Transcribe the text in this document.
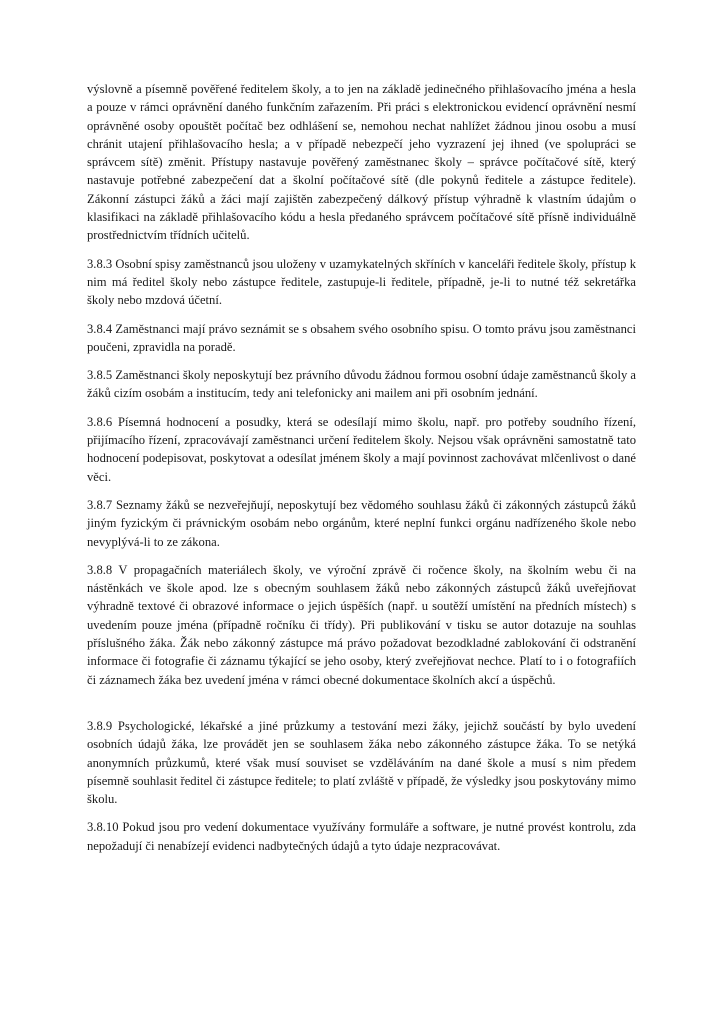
výslovně a písemně pověřené ředitelem školy, a to jen na základě jedinečného přihlašovacího jména a hesla a pouze v rámci oprávnění daného funkčním zařazením. Při práci s elektronickou evidencí oprávnění nesmí oprávněné osoby opouštět počítač bez odhlášení se, nemohou nechat nahlížet žádnou jinou osobu a musí chránit utajení přihlašovacího hesla; a v případě nebezpečí jeho vyzrazení jej ihned (ve spolupráci se správcem sítě) změnit. Přístupy nastavuje pověřený zaměstnanec školy – správce počítačové sítě, který nastavuje potřebné zabezpečení dat a školní počítačové sítě (dle pokynů ředitele a zástupce ředitele). Zákonní zástupci žáků a žáci mají zajištěn zabezpečený dálkový přístup výhradně k vlastním údajům o klasifikaci na základě přihlašovacího kódu a hesla předaného správcem počítačové sítě přísně individuálně prostřednictvím třídních učitelů.

3.8.3 Osobní spisy zaměstnanců jsou uloženy v uzamykatelných skříních v kanceláři ředitele školy, přístup k nim má ředitel školy nebo zástupce ředitele, zastupuje-li ředitele, případně, je-li to nutné též sekretářka školy nebo mzdová účetní.

3.8.4 Zaměstnanci mají právo seznámit se s obsahem svého osobního spisu. O tomto právu jsou zaměstnanci poučeni, zpravidla na poradě.

3.8.5 Zaměstnanci školy neposkytují bez právního důvodu žádnou formou osobní údaje zaměstnanců školy a žáků cizím osobám a institucím, tedy ani telefonicky ani mailem ani při osobním jednání.

3.8.6 Písemná hodnocení a posudky, která se odesílají mimo školu, např. pro potřeby soudního řízení, přijímacího řízení, zpracovávají zaměstnanci určení ředitelem školy. Nejsou však oprávněni samostatně tato hodnocení podepisovat, poskytovat a odesílat jménem školy a mají povinnost zachovávat mlčenlivost o dané věci.

3.8.7 Seznamy žáků se nezveřejňují, neposkytují bez vědomého souhlasu žáků či zákonných zástupců žáků jiným fyzickým či právnickým osobám nebo orgánům, které neplní funkci orgánu nadřízeného škole nebo nevyplývá-li to ze zákona.

3.8.8 V propagačních materiálech školy, ve výroční zprávě či ročence školy, na školním webu či na nástěnkách ve škole apod. lze s obecným souhlasem žáků nebo zákonných zástupců žáků uveřejňovat výhradně textové či obrazové informace o jejich úspěších (např. u soutěží umístění na předních místech) s uvedením pouze jména (případně ročníku či třídy). Při publikování v tisku se autor dotazuje na souhlas příslušného žáka. Žák nebo zákonný zástupce má právo požadovat bezodkladné zablokování či odstranění informace či fotografie či záznamu týkající se jeho osoby, který zveřejňovat nechce. Platí to i o fotografiích či záznamech žáka bez uvedení jména v rámci obecné dokumentace školních akcí a úspěchů.

3.8.9 Psychologické, lékařské a jiné průzkumy a testování mezi žáky, jejichž součástí by bylo uvedení osobních údajů žáka, lze provádět jen se souhlasem žáka nebo zákonného zástupce žáka. To se netýká anonymních průzkumů, které však musí souviset se vzděláváním na dané škole a musí s nim předem písemně souhlasit ředitel či zástupce ředitele; to platí zvláště v případě, že výsledky jsou poskytovány mimo školu.

3.8.10 Pokud jsou pro vedení dokumentace využívány formuláře a software, je nutné provést kontrolu, zda nepožadují či nenabízejí evidenci nadbytečných údajů a tyto údaje nezpracovávat.
